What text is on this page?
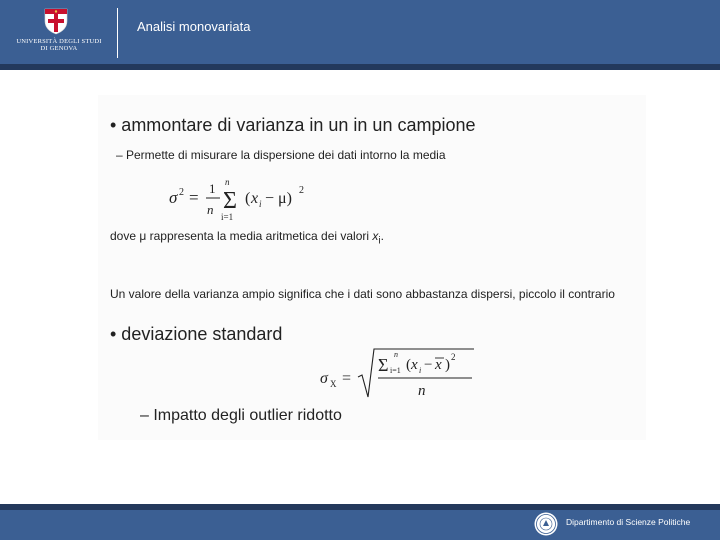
UNIVERSITÀ DEGLI STUDI
DI GENOVA
Analisi monovariata
• ammontare di varianza in un in un campione
– Permette di misurare la dispersione dei dati intorno la media
σ 2 = 1
n
n
Σ
i=1
( x i − μ) 2
dove μ rappresenta la media aritmetica dei valori $x_i$.
Un valore della varianza ampio significa che i dati sono abbastanza dispersi, piccolo il contrario
• deviazione standard
σ X =
n
Σ i=1 ( x i − x ) 2
n
– Impatto degli outlier ridotto
Dipartimento di Scienze Politiche
